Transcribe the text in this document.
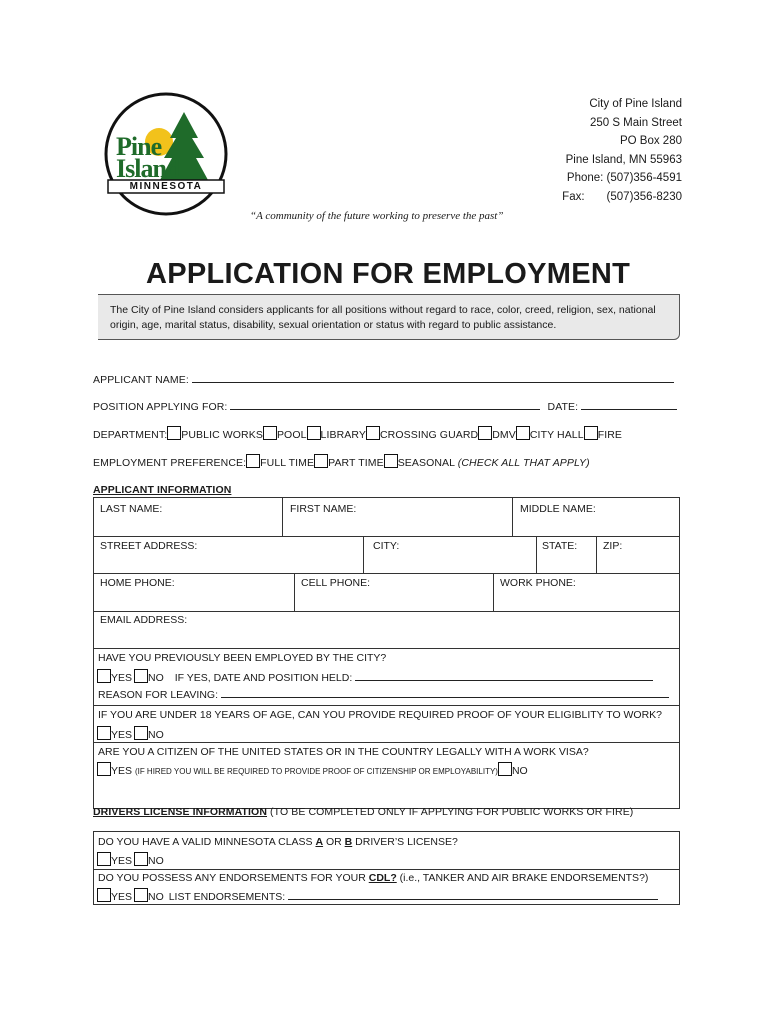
Pine
Island
MINNESOTA
“A community of the future working to preserve the past”
City of Pine Island
250 S Main Street
PO Box 280
Pine Island, MN 55963
Phone: (507)356-4591
Fax: (507)356-8230
APPLICATION FOR EMPLOYMENT
The City of Pine Island considers applicants for all positions without regard to race, color, creed, religion, sex, national origin, age, marital status, disability, sexual orientation or status with regard to public assistance.
APPLICANT NAME:
POSITION APPLYING FOR:	DATE:
DEPARTMENT: PUBLIC WORKS POOL LIBRARY CROSSING GUARD DMV CITY HALL FIRE
EMPLOYMENT PREFERENCE: FULL TIME PART TIME SEASONAL (CHECK ALL THAT APPLY)
APPLICANT INFORMATION
LAST NAME:	FIRST NAME:	MIDDLE NAME:
STREET ADDRESS:	CITY:	STATE: ZIP:
HOME PHONE:	CELL PHONE:	WORK PHONE:
EMAIL ADDRESS:
HAVE YOU PREVIOUSLY BEEN EMPLOYED BY THE CITY?
YES NO IF YES, DATE AND POSITION HELD:
REASON FOR LEAVING:
IF YOU ARE UNDER 18 YEARS OF AGE, CAN YOU PROVIDE REQUIRED PROOF OF YOUR ELIGIBLITY TO WORK?
YES NO
ARE YOU A CITIZEN OF THE UNITED STATES OR IN THE COUNTRY LEGALLY WITH A WORK VISA?
YES (IF HIRED YOU WILL BE REQUIRED TO PROVIDE PROOF OF CITIZENSHIP OR EMPLOYABILITY) NO
DRIVERS LICENSE INFORMATION (TO BE COMPLETED ONLY IF APPLYING FOR PUBLIC WORKS OR FIRE)
DO YOU HAVE A VALID MINNESOTA CLASS A OR B DRIVER’S LICENSE?
YES NO
DO YOU POSSESS ANY ENDORSEMENTS FOR YOUR CDL? (i.e., TANKER AND AIR BRAKE ENDORSEMENTS?)
YES NO LIST ENDORSEMENTS:
